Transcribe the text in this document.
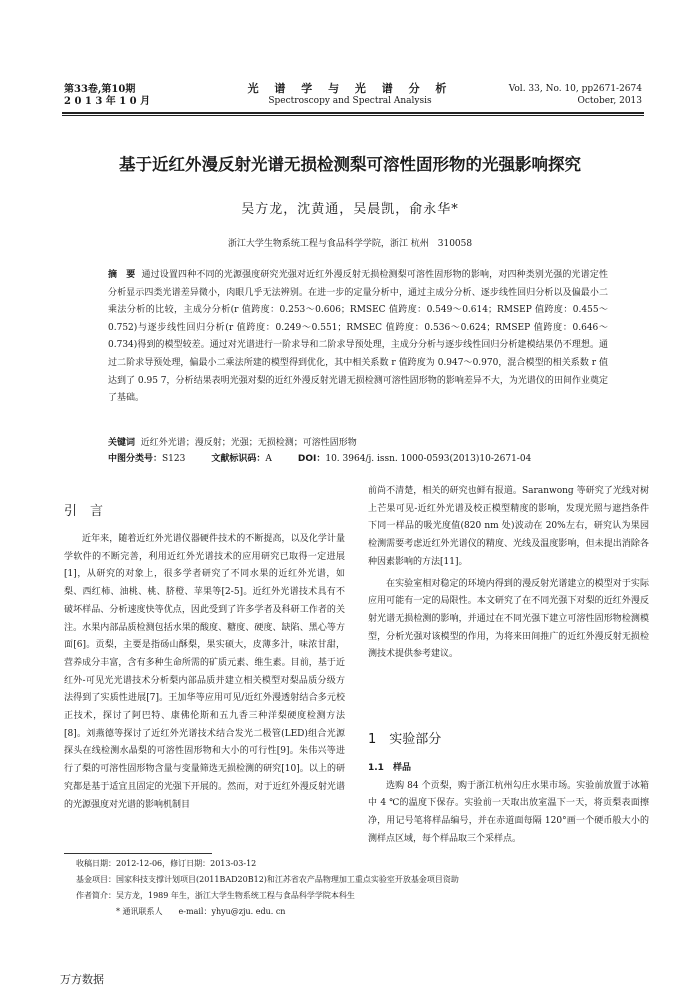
第33卷,第10期
2 0 1 3 年 1 0 月
光 谱 学 与 光 谱 分 析
Spectroscopy and Spectral Analysis
Vol. 33, No. 10, pp2671-2674
October, 2013
基于近红外漫反射光谱无损检测梨可溶性固形物的光强影响探究
吴方龙，沈黄通，吴晨凯，俞永华*
浙江大学生物系统工程与食品科学学院，浙江 杭州　310058
摘　要 通过设置四种不同的光源强度研究光强对近红外漫反射无损检测梨可溶性固形物的影响，对四种类别光强的光谱定性分析显示四类光谱差异微小，肉眼几乎无法辨别。在进一步的定量分析中，通过主成分分析、逐步线性回归分析以及偏最小二乘法分析的比较，主成分分析(r 值跨度：0.253～0.606；RMSEC 值跨度：0.549～0.614；RMSEP 值跨度：0.455～0.752)与逐步线性回归分析(r 值跨度：0.249～0.551；RMSEC 值跨度：0.536～0.624；RMSEP 值跨度：0.646～0.734)得到的模型较差。通过对光谱进行一阶求导和二阶求导预处理，主成分分析与逐步线性回归分析建模结果仍不理想。通过二阶求导预处理，偏最小二乘法所建的模型得到优化，其中相关系数 r 值跨度为 0.947～0.970，混合模型的相关系数 r 值达到了 0.95 7，分析结果表明光强对梨的近红外漫反射光谱无损检测可溶性固形物的影响差异不大，为光谱仪的田间作业奠定了基础。
关键词 近红外光谱；漫反射；光强；无损检测；可溶性固形物
中图分类号：S123	文献标识码：A	DOI：10. 3964/j. issn. 1000-0593(2013)10-2671-04
引　言

近年来，随着近红外光谱仪器硬件技术的不断提高，以及化学计量学软件的不断完善，利用近红外光谱技术的应用研究已取得一定进展[1]，从研究的对象上，很多学者研究了不同水果的近红外光谱，如梨、西红柿、油桃、桃、脐橙、苹果等[2-5]。近红外光谱技术具有不破坏样品、分析速度快等优点，因此受到了许多学者及科研工作者的关注。水果内部品质检测包括水果的酸度、糖度、硬度、缺陷、黑心等方面[6]。贡梨，主要是指砀山酥梨，果实硕大，皮薄多汁，味浓甘甜，营养成分丰富，含有多种生命所需的矿质元素、维生素。目前，基于近红外-可见光光谱技术分析梨内部品质并建立相关模型对梨品质分级方法得到了实质性进展[7]。王加华等应用可见/近红外漫透射结合多元校正技术，探讨了阿巴特、康佛伦斯和五九香三种洋梨硬度检测方法[8]。刘燕德等探讨了近红外光谱技术结合发光二极管(LED)组合光源探头在线检测水晶梨的可溶性固形物和大小的可行性[9]。朱伟兴等进行了梨的可溶性固形物含量与变量筛选无损检测的研究[10]。以上的研究都是基于适宜且固定的光强下开展的。然而，对于近红外漫反射光谱的光源强度对光谱的影响机制目

前尚不清楚，相关的研究也鲜有报道。Saranwong 等研究了光线对树上芒果可见-近红外光谱及校正模型精度的影响，发现光照与遮挡条件下同一样品的吸光度值(820 nm 处)波动在 20%左右，研究认为果园检测需要考虑近红外光谱仪的精度、光线及温度影响，但未提出消除各种因素影响的方法[11]。

在实验室相对稳定的环境内得到的漫反射光谱建立的模型对于实际应用可能有一定的局限性。本文研究了在不同光强下对梨的近红外漫反射光谱无损检测的影响，并通过在不同光强下建立可溶性固形物检测模型，分析光强对该模型的作用，为将来田间推广的近红外漫反射无损检测技术提供参考建议。

1　实验部分
1.1　样品

选购 84 个贡梨，购于浙江杭州勾庄水果市场。实验前放置于冰箱中 4 ℃的温度下保存。实验前一天取出放室温下一天，将贡梨表面擦净，用记号笔将样品编号，并在赤道面每隔 120°画一个硬币般大小的测样点区域，每个样品取三个采样点。

收稿日期：2012-12-06，修订日期：2013-03-12
基金项目：国家科技支撑计划项目(2011BAD20B12)和江苏省农产品物理加工重点实验室开放基金项目资助
作者简介：吴方龙，1989 年生，浙江大学生物系统工程与食品科学学院本科生
* 通讯联系人　　e-mail：yhyu@zju. edu. cn
万方数据
